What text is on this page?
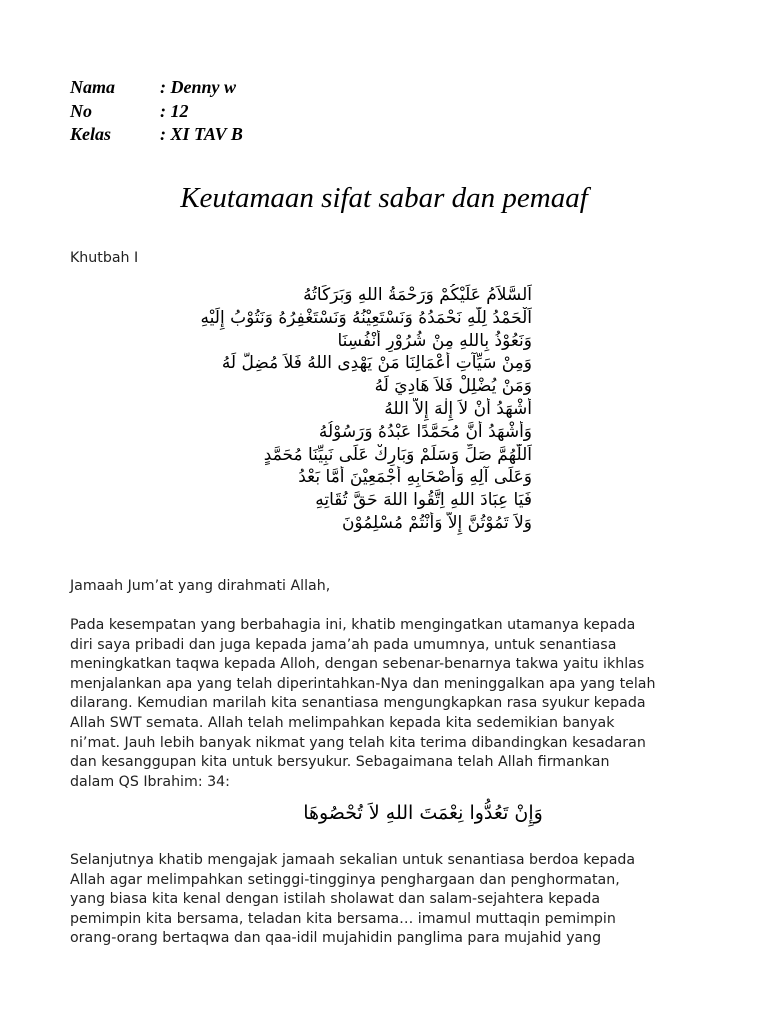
Nama	: Denny w
No	: 12
Kelas	: XI TAV B
Keutamaan sifat sabar dan pemaaf
Khutbah I
اَلسَّلاَمُ عَلَيْكُمْ وَرَحْمَةُ اللهِ وَبَرَكَاتُهُ
اَلْحَمْدُ لِلّٰهِ نَحْمَدُهُ وَنَسْتَعِيْنُهُ وَنَسْتَغْفِرُهُ وَنَتُوْبُ إِلَيْهِ
وَنَعُوْذُ بِاللهِ مِنْ شُرُوْرِ أَنْفُسِنَا
وَمِنْ سَيِّآتِ أَعْمَالِنَا مَنْ يَهْدِى اللهُ فَلاَ مُضِلَّ لَهُ
وَمَنْ يُضْلِلْ فَلاَ هَادِيَ لَهُ
أَشْهَدُ أَنْ لاَ إِلٰهَ إِلاَّ اللهُ
وَأَشْهَدُ أَنَّ مُحَمَّدًا عَبْدُهُ وَرَسُوْلُهُ
اَللّٰهُمَّ صَلِّ وَسَلِّمْ وَبَارِكْ عَلَى نَبِيِّنَا مُحَمَّدٍ
وَعَلَى آلِهِ وَأَصْحَابِهِ أَجْمَعِيْنَ أَمَّا بَعْدُ
فَيَا عِبَادَ اللهِ اِتَّقُوا اللهَ حَقَّ تُقَاتِهِ
وَلاَ تَمُوْتُنَّ إِلاَّ وَأَنْتُمْ مُسْلِمُوْنَ
Jamaah Jum’at yang dirahmati Allah,
Pada kesempatan yang berbahagia ini, khatib mengingatkan utamanya kepada
diri saya pribadi dan juga kepada jama’ah pada umumnya, untuk senantiasa
meningkatkan taqwa kepada Alloh, dengan sebenar-benarnya takwa yaitu ikhlas
menjalankan apa yang telah diperintahkan-Nya dan meninggalkan apa yang telah
dilarang. Kemudian marilah kita senantiasa mengungkapkan rasa syukur kepada
Allah SWT semata. Allah telah melimpahkan kepada kita sedemikian banyak
ni’mat. Jauh lebih banyak nikmat yang telah kita terima dibandingkan kesadaran
dan kesanggupan kita untuk bersyukur. Sebagaimana telah Allah firmankan
dalam QS Ibrahim: 34:
وَإِنْ تَعُدُّوا نِعْمَتَ اللهِ لاَ تُحْصُوهَا
Selanjutnya khatib mengajak jamaah sekalian untuk senantiasa berdoa kepada
Allah agar melimpahkan setinggi-tingginya penghargaan dan penghormatan,
yang biasa kita kenal dengan istilah sholawat dan salam-sejahtera kepada
pemimpin kita bersama, teladan kita bersama… imamul muttaqin pemimpin
orang-orang bertaqwa dan qaa-idil mujahidin panglima para mujahid yang
